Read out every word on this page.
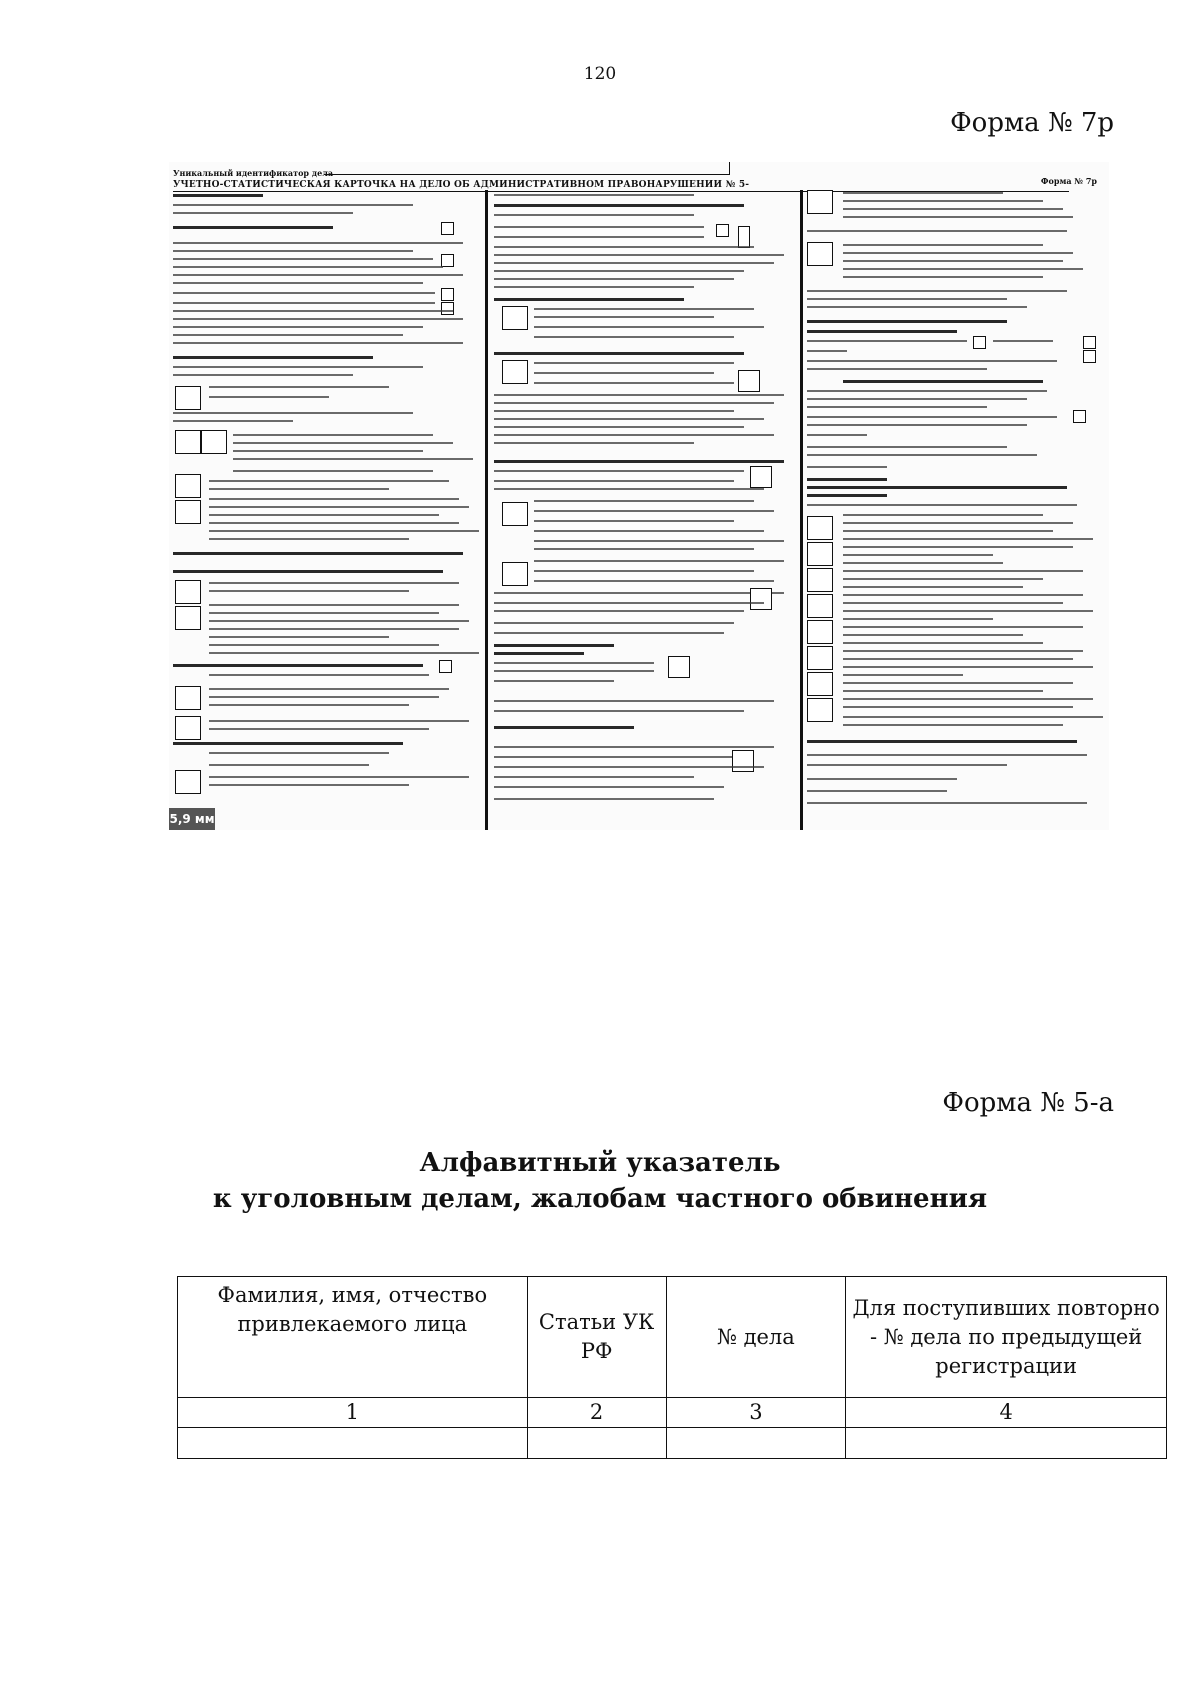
120
Форма № 7р
Уникальный идентификатор дела
УЧЕТНО-СТАТИСТИЧЕСКАЯ КАРТОЧКА НА ДЕЛО ОБ АДМИНИСТРАТИВНОМ ПРАВОНАРУШЕНИИ № 5-	Форма № 7р
5,9 мм
Форма № 5-а
Алфавитный указатель
к уголовным делам, жалобам частного обвинения
Фамилия, имя, отчество привлекаемого лица	Статьи УК РФ	№ дела	Для поступивших повторно - № дела по предыдущей регистрации
1	2	3	4
